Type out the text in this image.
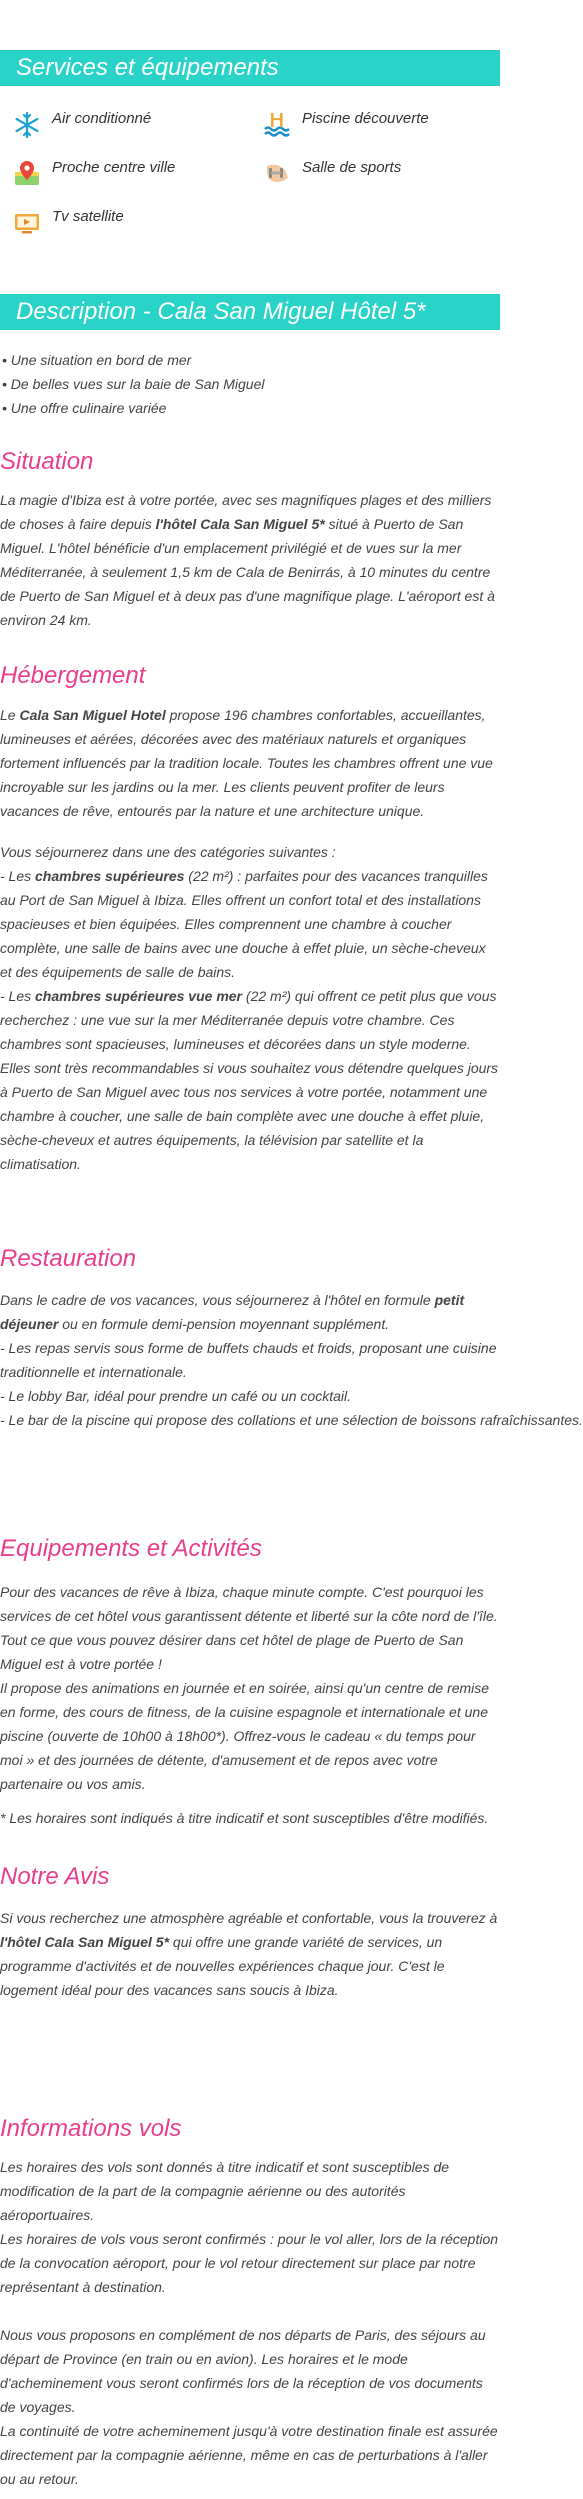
Services et équipements
Air conditionné	Piscine découverte
Proche centre ville	Salle de sports
Tv satellite
Description - Cala San Miguel Hôtel 5*
• Une situation en bord de mer
• De belles vues sur la baie de San Miguel
• Une offre culinaire variée
Situation

La magie d'Ibiza est à votre portée, avec ses magnifiques plages et des milliers de choses à faire depuis l'hôtel Cala San Miguel 5* situé à Puerto de San Miguel. L'hôtel bénéficie d'un emplacement privilégié et de vues sur la mer Méditerranée, à seulement 1,5 km de Cala de Benirrás, à 10 minutes du centre de Puerto de San Miguel et à deux pas d'une magnifique plage. L'aéroport est à environ 24 km.

Hébergement

Le Cala San Miguel Hotel propose 196 chambres confortables, accueillantes, lumineuses et aérées, décorées avec des matériaux naturels et organiques fortement influencés par la tradition locale. Toutes les chambres offrent une vue incroyable sur les jardins ou la mer. Les clients peuvent profiter de leurs vacances de rêve, entourés par la nature et une architecture unique.

Vous séjournerez dans une des catégories suivantes :

- Les chambres supérieures (22 m²) : parfaites pour des vacances tranquilles au Port de San Miguel à Ibiza. Elles offrent un confort total et des installations spacieuses et bien équipées. Elles comprennent une chambre à coucher complète, une salle de bains avec une douche à effet pluie, un sèche-cheveux et des équipements de salle de bains.

- Les chambres supérieures vue mer (22 m²) qui offrent ce petit plus que vous recherchez : une vue sur la mer Méditerranée depuis votre chambre. Ces chambres sont spacieuses, lumineuses et décorées dans un style moderne. Elles sont très recommandables si vous souhaitez vous détendre quelques jours à Puerto de San Miguel avec tous nos services à votre portée, notamment une chambre à coucher, une salle de bain complète avec une douche à effet pluie, sèche-cheveux et autres équipements, la télévision par satellite et la climatisation.

Restauration

Dans le cadre de vos vacances, vous séjournerez à l'hôtel en formule petit déjeuner ou en formule demi-pension moyennant supplément.

- Les repas servis sous forme de buffets chauds et froids, proposant une cuisine traditionnelle et internationale.

- Le lobby Bar, idéal pour prendre un café ou un cocktail.

- Le bar de la piscine qui propose des collations et une sélection de boissons rafraîchissantes.

Equipements et Activités

Pour des vacances de rêve à Ibiza, chaque minute compte. C'est pourquoi les services de cet hôtel vous garantissent détente et liberté sur la côte nord de l'île. Tout ce que vous pouvez désirer dans cet hôtel de plage de Puerto de San Miguel est à votre portée !

Il propose des animations en journée et en soirée, ainsi qu'un centre de remise en forme, des cours de fitness, de la cuisine espagnole et internationale et une piscine (ouverte de 10h00 à 18h00*). Offrez-vous le cadeau « du temps pour moi » et des journées de détente, d'amusement et de repos avec votre partenaire ou vos amis.

* Les horaires sont indiqués à titre indicatif et sont susceptibles d'être modifiés.

Notre Avis

Si vous recherchez une atmosphère agréable et confortable, vous la trouverez à l'hôtel Cala San Miguel 5* qui offre une grande variété de services, un programme d'activités et de nouvelles expériences chaque jour. C'est le logement idéal pour des vacances sans soucis à Ibiza.

Informations vols

Les horaires des vols sont donnés à titre indicatif et sont susceptibles de modification de la part de la compagnie aérienne ou des autorités aéroportuaires.

Les horaires de vols vous seront confirmés : pour le vol aller, lors de la réception de la convocation aéroport, pour le vol retour directement sur place par notre représentant à destination.

Nous vous proposons en complément de nos départs de Paris, des séjours au départ de Province (en train ou en avion). Les horaires et le mode d'acheminement vous seront confirmés lors de la réception de vos documents de voyages.

La continuité de votre acheminement jusqu'à votre destination finale est assurée directement par la compagnie aérienne, même en cas de perturbations à l'aller ou au retour.
